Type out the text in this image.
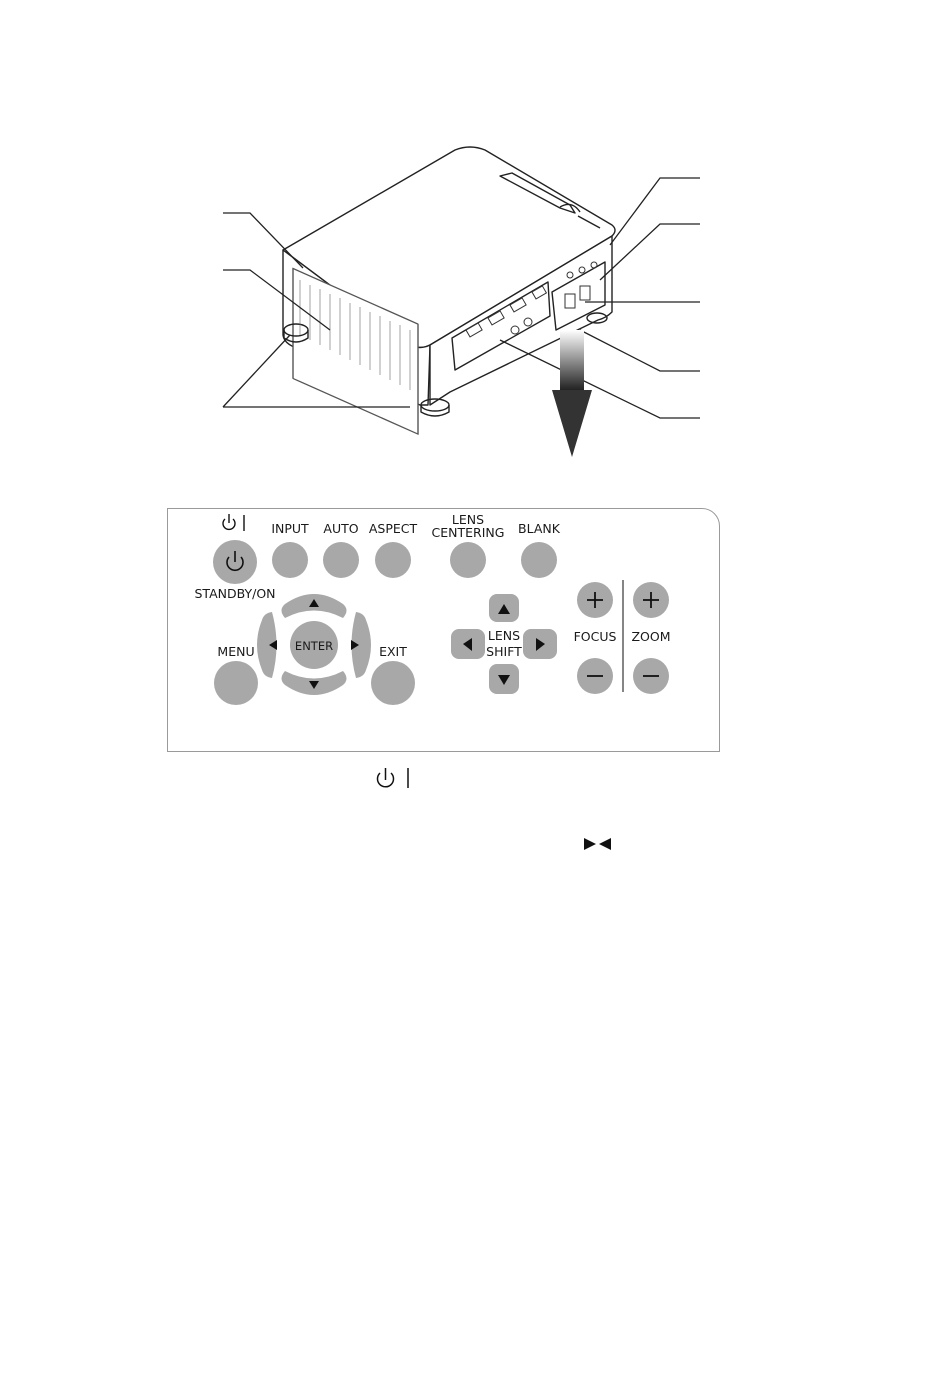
STANDBY/ON
INPUT AUTO ASPECT
LENS
CENTERING BLANK
ENTER
MENU	EXIT
LENS
SHIFT
FOCUS ZOOM
